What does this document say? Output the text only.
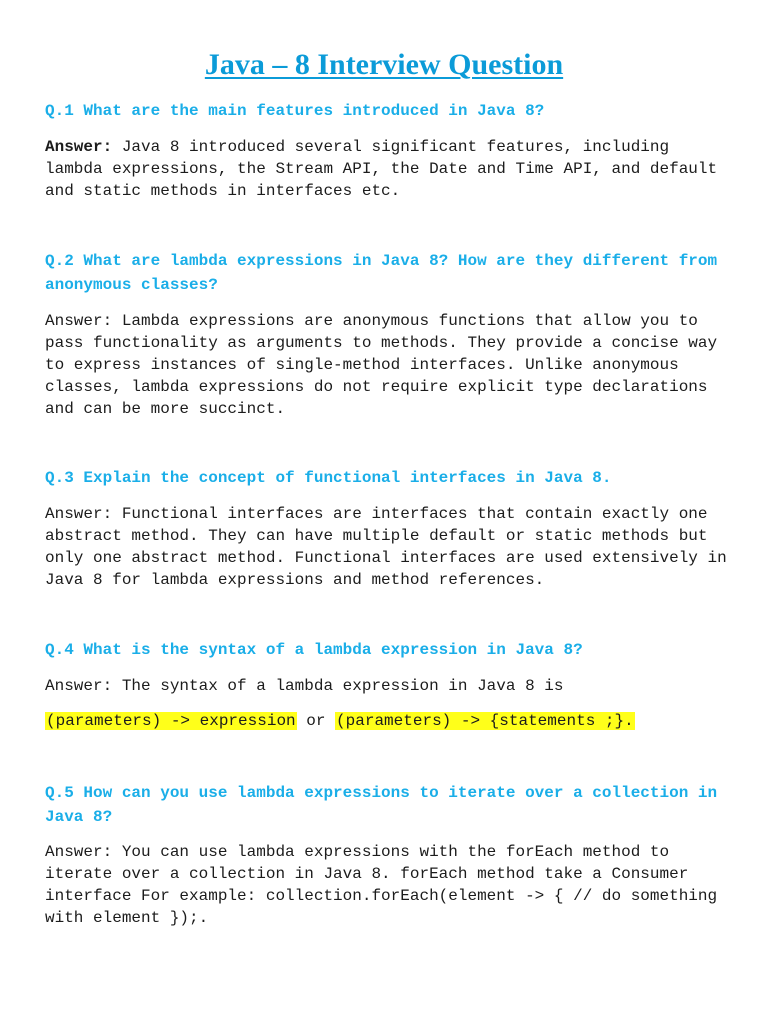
Java – 8 Interview Question

Q.1 What are the main features introduced in Java 8?

Answer: Java 8 introduced several significant features, including lambda expressions, the Stream API, the Date and Time API, and default and static methods in interfaces etc.

Q.2 What are lambda expressions in Java 8? How are they different from anonymous classes?

Answer: Lambda expressions are anonymous functions that allow you to pass functionality as arguments to methods. They provide a concise way to express instances of single-method interfaces. Unlike anonymous classes, lambda expressions do not require explicit type declarations and can be more succinct.

Q.3 Explain the concept of functional interfaces in Java 8.

Answer: Functional interfaces are interfaces that contain exactly one abstract method. They can have multiple default or static methods but only one abstract method. Functional interfaces are used extensively in Java 8 for lambda expressions and method references.

Q.4 What is the syntax of a lambda expression in Java 8?

Answer: The syntax of a lambda expression in Java 8 is

(parameters) -> expression or (parameters) -> {statements ;}.

Q.5 How can you use lambda expressions to iterate over a collection in Java 8?

Answer: You can use lambda expressions with the forEach method to iterate over a collection in Java 8. forEach method take a Consumer interface For example: collection.forEach(element -> { // do something with element });.
